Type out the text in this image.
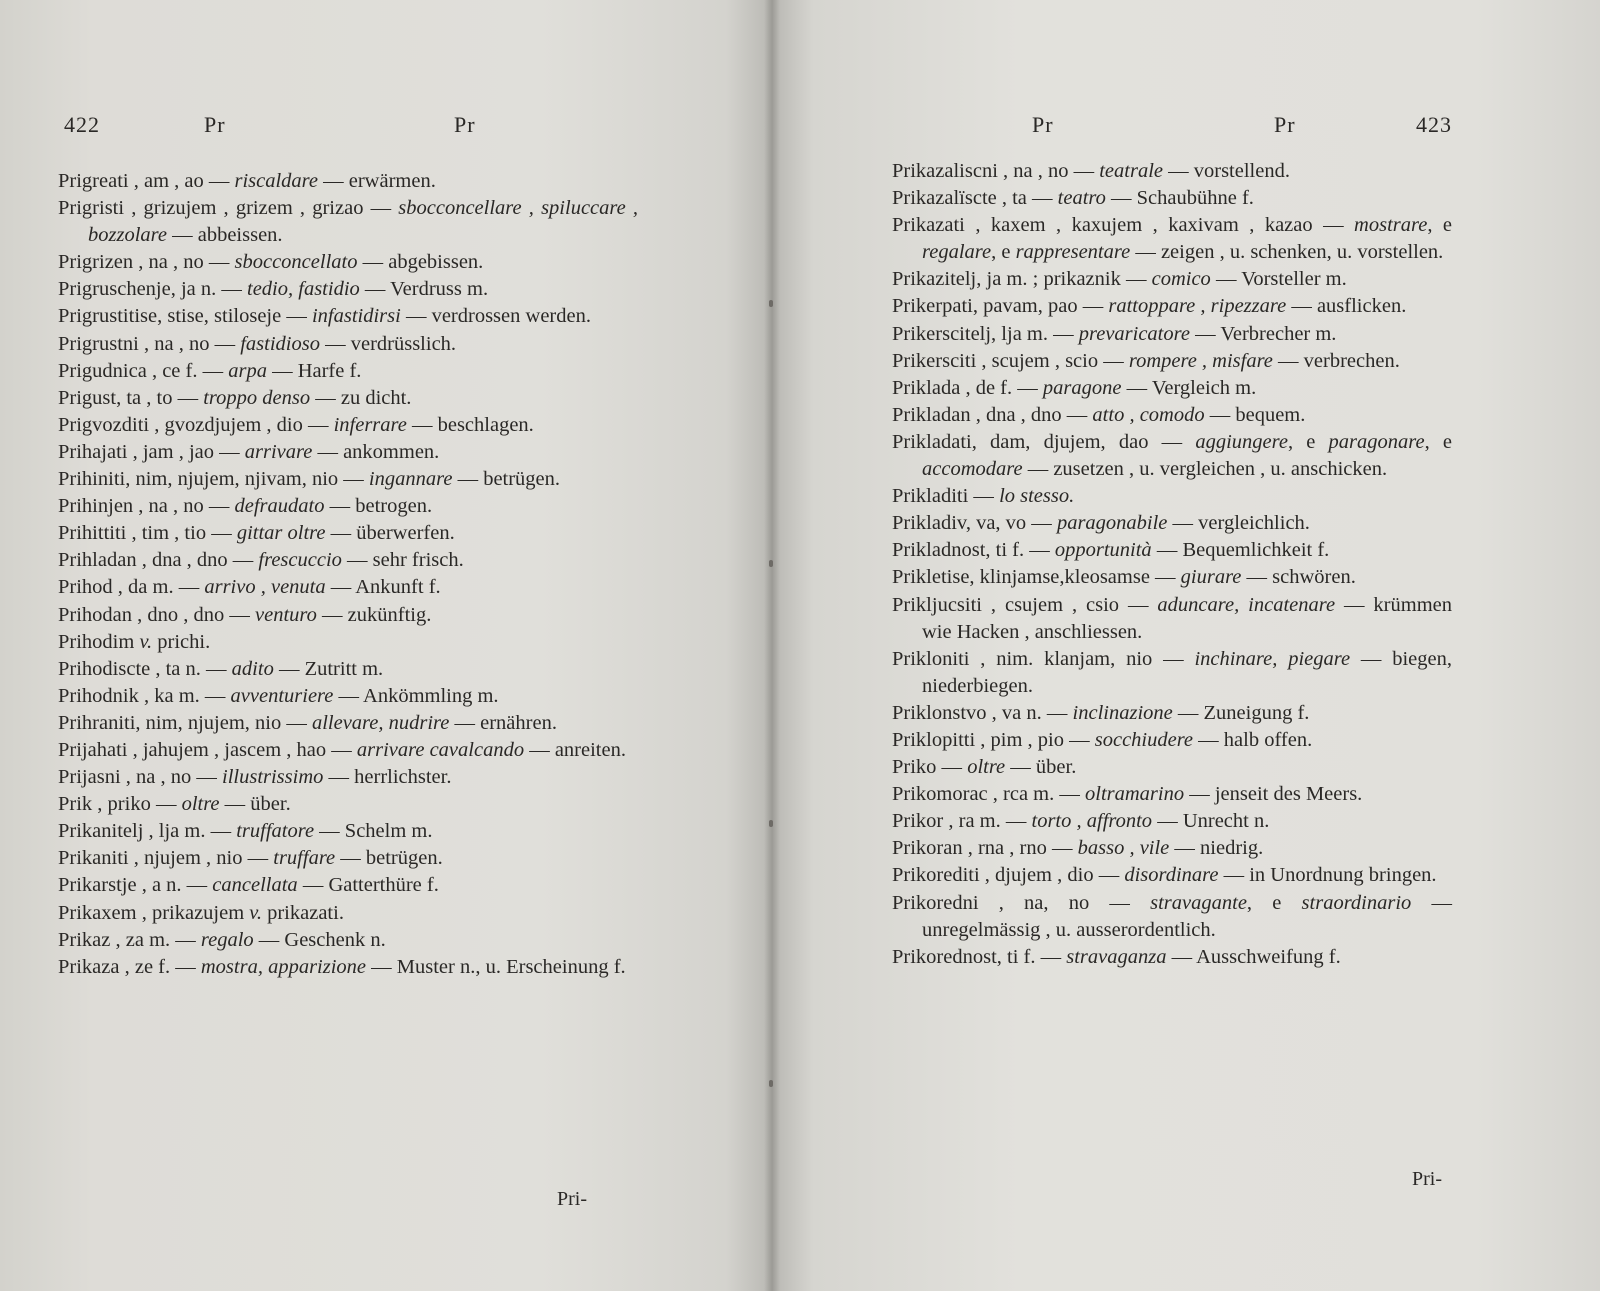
422	Pr	Pr

Prigreati , am , ao — riscaldare — erwärmen.

Prigristi , grizujem , grizem , grizao — sbocconcellare , spiluccare , bozzolare — abbeissen.

Prigrizen , na , no — sbocconcellato — abgebissen.

Prigruschenje, ja n. — tedio, fastidio — Verdruss m.

Prigrustitise, stise, stiloseje — infastidirsi — verdrossen werden.

Prigrustni , na , no — fastidioso — verdrüsslich.

Prigudnica , ce f. — arpa — Harfe f.

Prigust, ta , to — troppo denso — zu dicht.

Prigvozditi , gvozdjujem , dio — inferrare — beschlagen.

Prihajati , jam , jao — arrivare — ankommen.

Prihiniti, nim, njujem, njivam, nio — ingannare — betrügen.

Prihinjen , na , no — defraudato — betrogen.

Prihittiti , tim , tio — gittar oltre — überwerfen.

Prihladan , dna , dno — frescuccio — sehr frisch.

Prihod , da m. — arrivo , venuta — Ankunft f.

Prihodan , dno , dno — venturo — zukünftig.

Prihodim v. prichi.

Prihodiscte , ta n. — adito — Zutritt m.

Prihodnik , ka m. — avventuriere — Ankömmling m.

Prihraniti, nim, njujem, nio — allevare, nudrire — ernähren.

Prijahati , jahujem , jascem , hao — arrivare cavalcando — anreiten.

Prijasni , na , no — illustrissimo — herrlichster.

Prik , priko — oltre — über.

Prikanitelj , lja m. — truffatore — Schelm m.

Prikaniti , njujem , nio — truffare — betrügen.

Prikarstje , a n. — cancellata — Gatterthüre f.

Prikaxem , prikazujem v. prikazati.

Prikaz , za m. — regalo — Geschenk n.

Prikaza , ze f. — mostra, apparizione — Muster n., u. Erscheinung f.

Pri-
Pr	Pr	423

Prikazaliscni , na , no — teatrale — vorstellend.

Prikazalïscte , ta — teatro — Schaubühne f.

Prikazati , kaxem , kaxujem , kaxivam , kazao — mostrare, e regalare, e rappresentare — zeigen , u. schenken, u. vorstellen.

Prikazitelj, ja m. ; prikaznik — comico — Vorsteller m.

Prikerpati, pavam, pao — rattoppare , ripezzare — ausflicken.

Prikerscitelj, lja m. — prevaricatore — Verbrecher m.

Prikersciti , scujem , scio — rompere , misfare — verbrechen.

Priklada , de f. — paragone — Vergleich m.

Prikladan , dna , dno — atto , comodo — bequem.

Prikladati, dam, djujem, dao — aggiungere, e paragonare, e accomodare — zusetzen , u. vergleichen , u. anschicken.

Prikladiti — lo stesso.

Prikladiv, va, vo — paragonabile — vergleichlich.

Prikladnost, ti f. — opportunità — Bequemlichkeit f.

Prikletise, klinjamse,kleosamse — giurare — schwören.

Prikljucsiti , csujem , csio — aduncare, incatenare — krümmen wie Hacken , anschliessen.

Prikloniti , nim. klanjam, nio — inchinare, piegare — biegen, niederbiegen.

Priklonstvo , va n. — inclinazione — Zuneigung f.

Priklopitti , pim , pio — socchiudere — halb offen.

Priko — oltre — über.

Prikomorac , rca m. — oltramarino — jenseit des Meers.

Prikor , ra m. — torto , affronto — Unrecht n.

Prikoran , rna , rno — basso , vile — niedrig.

Prikorediti , djujem , dio — disordinare — in Unordnung bringen.

Prikoredni , na, no — stravagante, e straordinario — unregelmässig , u. ausserordentlich.

Prikorednost, ti f. — stravaganza — Ausschweifung f.

Pri-
